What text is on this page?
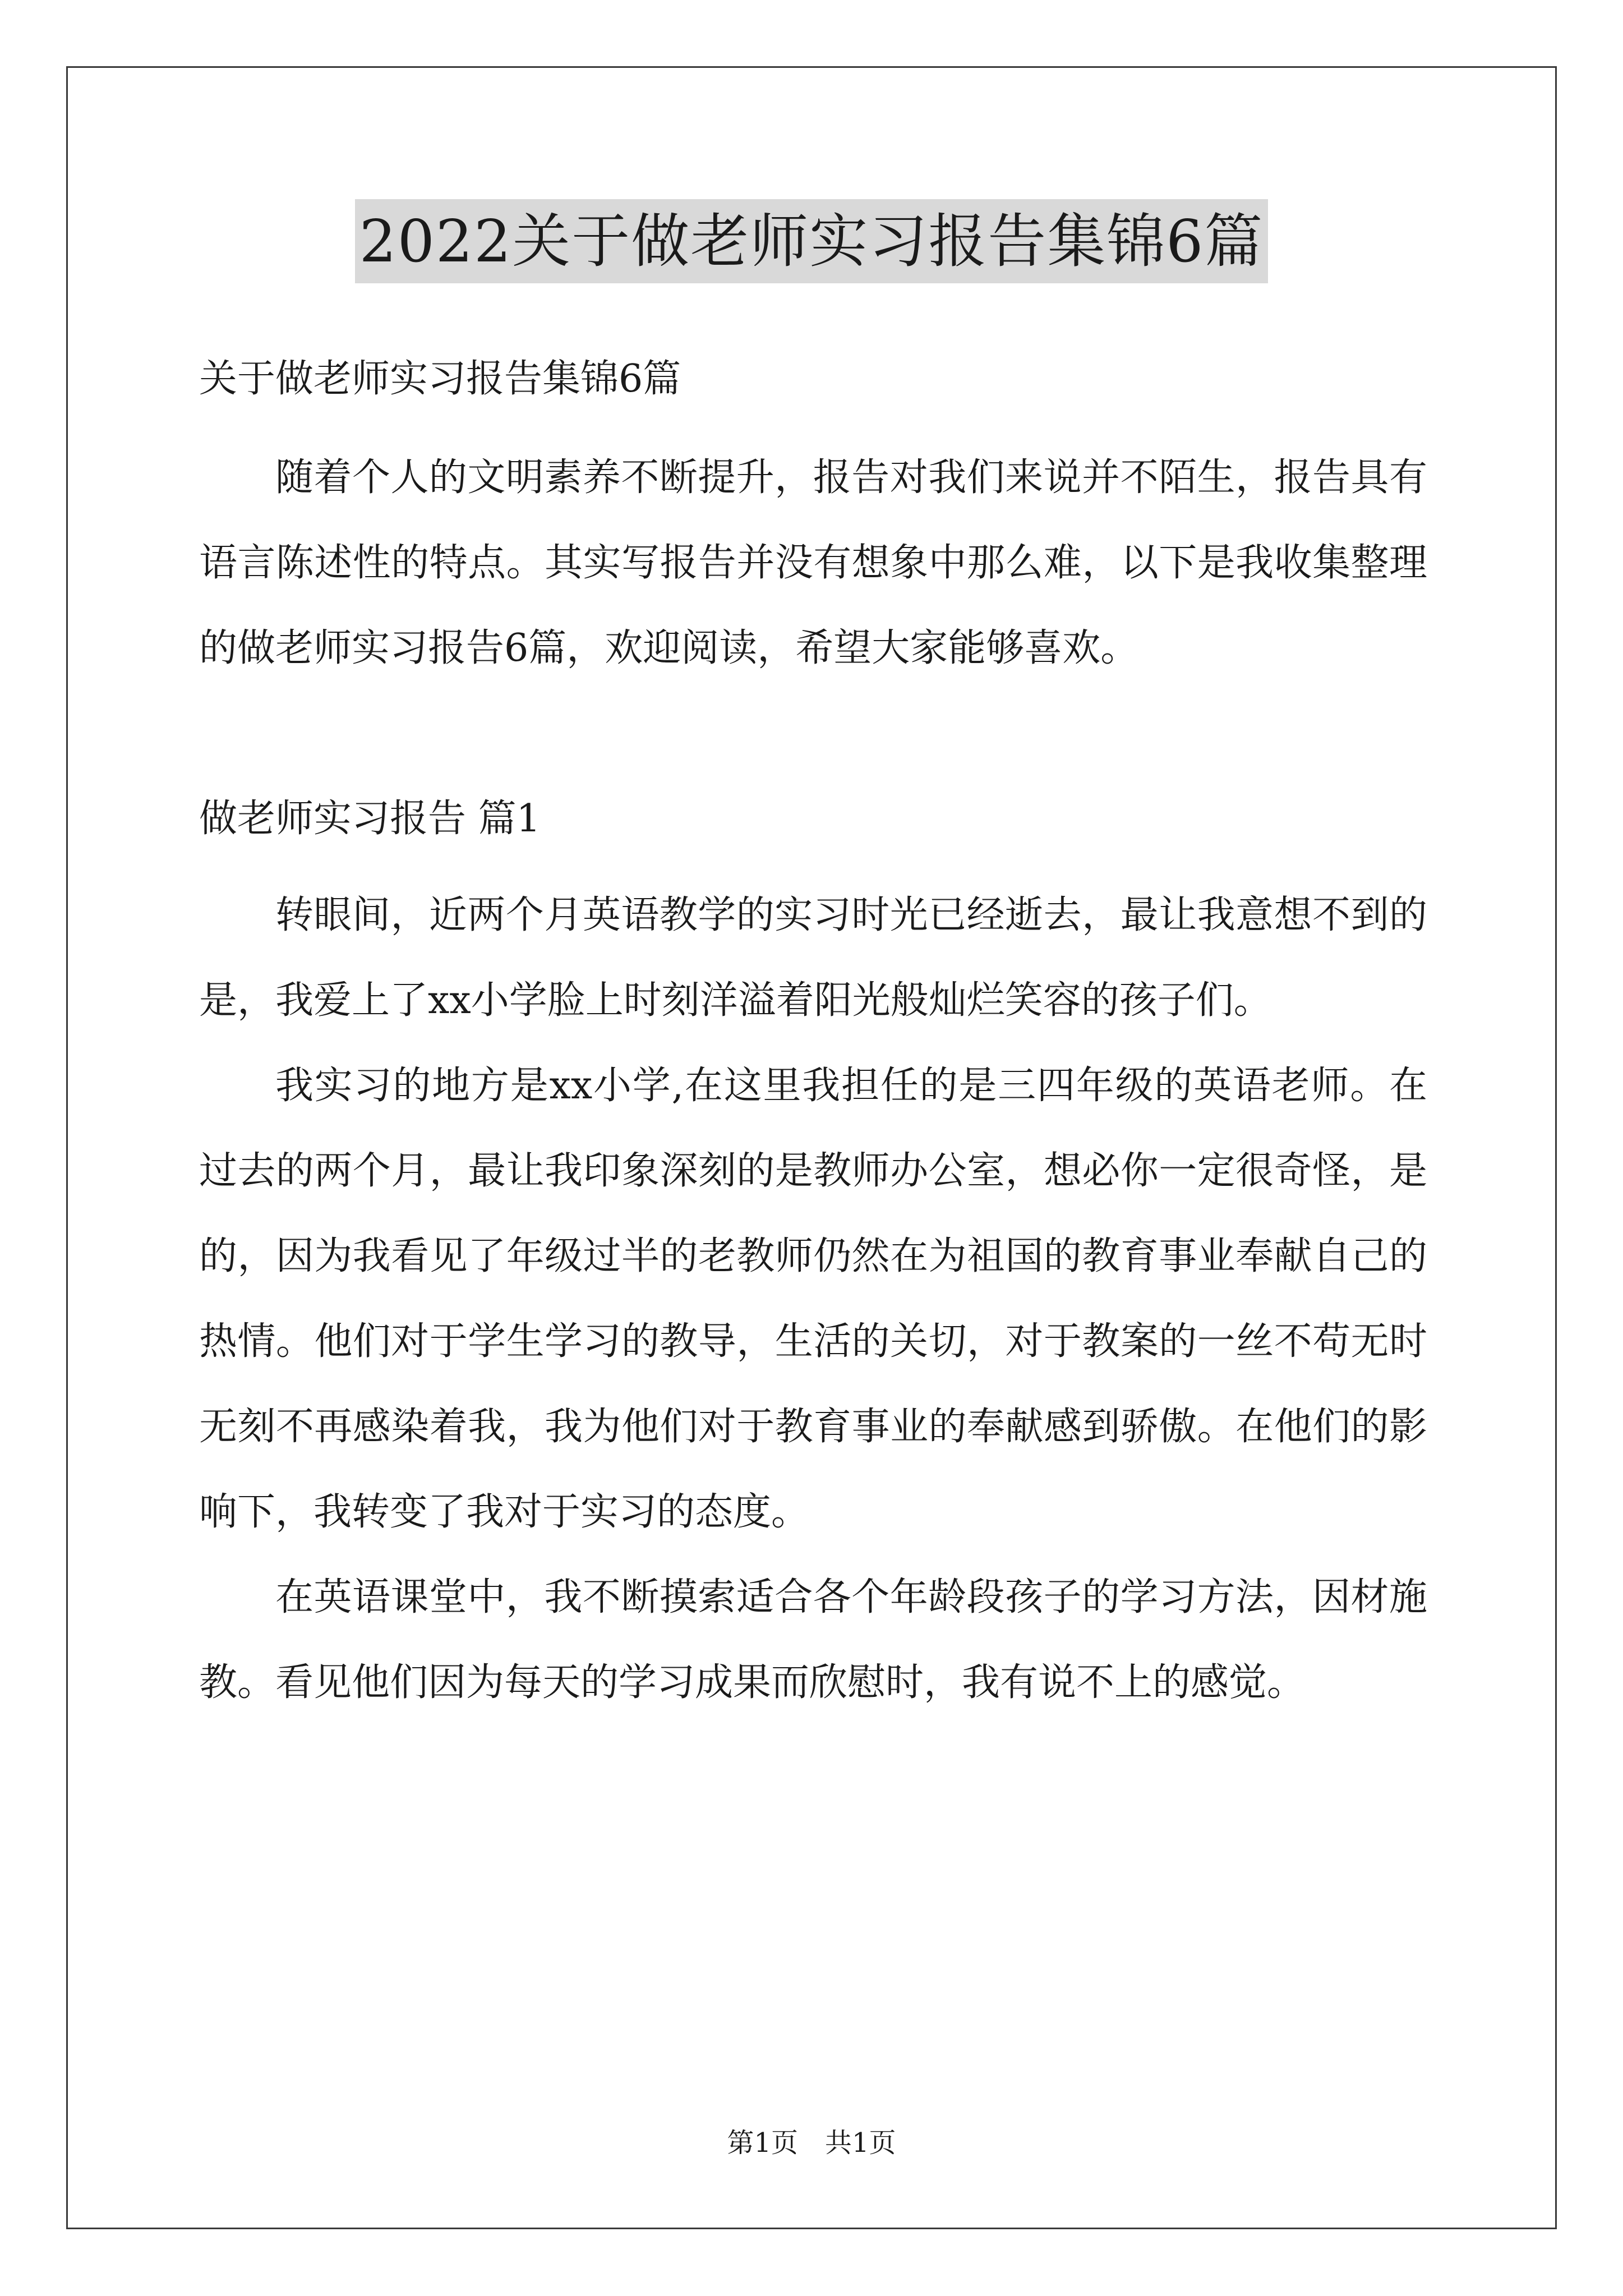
2022关于做老师实习报告集锦6篇

关于做老师实习报告集锦6篇

随着个人的文明素养不断提升，报告对我们来说并不陌生，报告具有语言陈述性的特点。其实写报告并没有想象中那么难，以下是我收集整理的做老师实习报告6篇，欢迎阅读，希望大家能够喜欢。

做老师实习报告 篇1

转眼间，近两个月英语教学的实习时光已经逝去，最让我意想不到的是，我爱上了xx小学脸上时刻洋溢着阳光般灿烂笑容的孩子们。

我实习的地方是xx小学,在这里我担任的是三四年级的英语老师。在过去的两个月，最让我印象深刻的是教师办公室，想必你一定很奇怪，是的，因为我看见了年级过半的老教师仍然在为祖国的教育事业奉献自己的热情。他们对于学生学习的教导，生活的关切，对于教案的一丝不苟无时无刻不再感染着我，我为他们对于教育事业的奉献感到骄傲。在他们的影响下，我转变了我对于实习的态度。

在英语课堂中，我不断摸索适合各个年龄段孩子的学习方法，因材施教。看见他们因为每天的学习成果而欣慰时，我有说不上的感觉。

第1页　共1页
